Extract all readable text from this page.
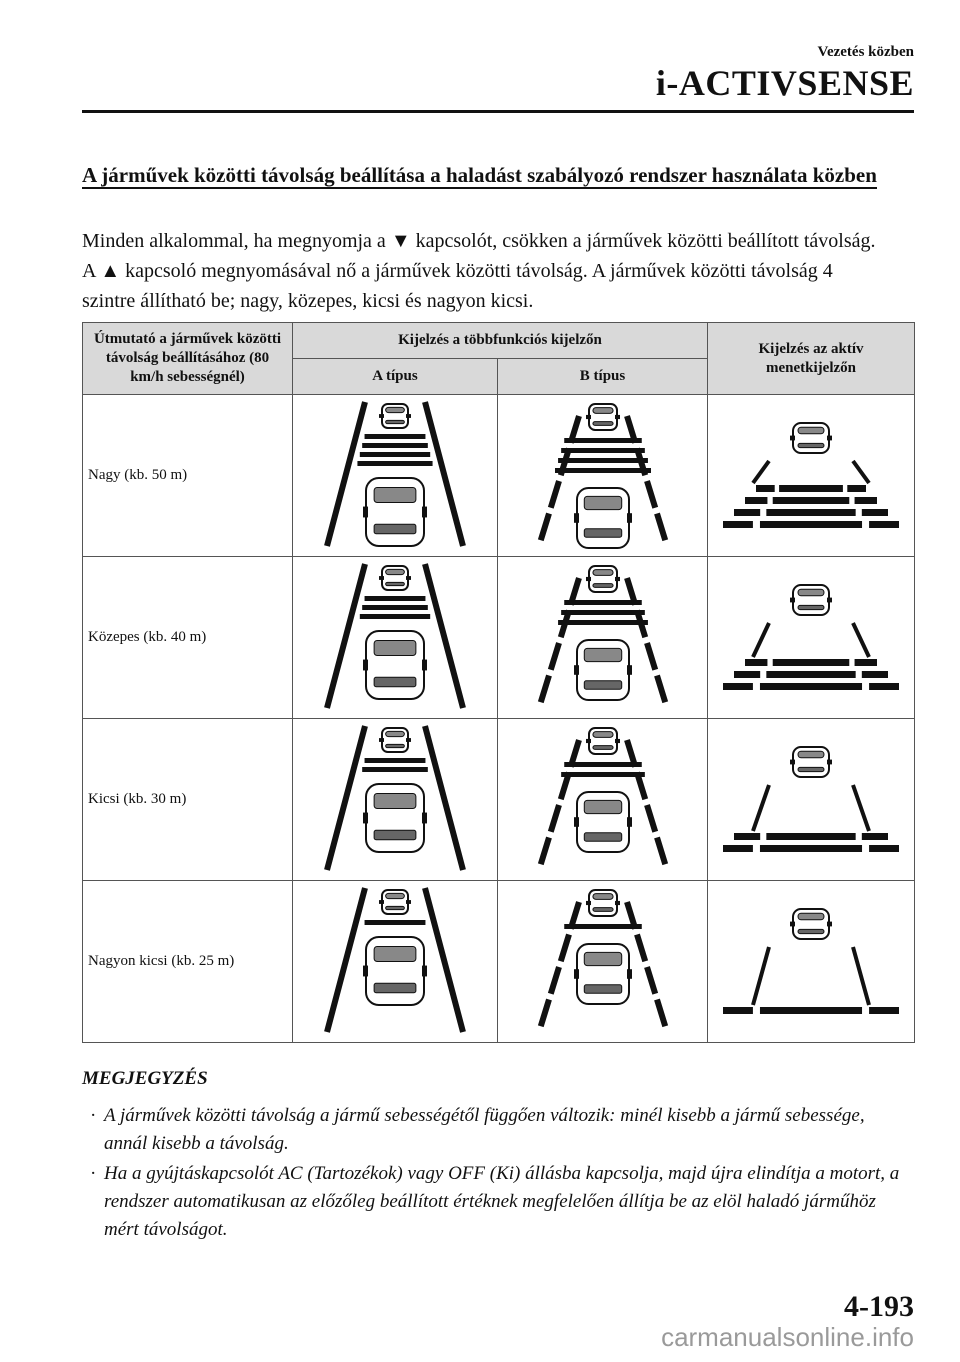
Vezetés közben
i-ACTIVSENSE
A járművek közötti távolság beállítása a haladást szabályozó rendszer használata közben

Minden alkalommal, ha megnyomja a ▼ kapcsolót, csökken a járművek közötti beállított távolság. A ▲ kapcsoló megnyomásával nő a járművek közötti távolság. A járművek közötti távolság 4 szintre állítható be; nagy, közepes, kicsi és nagyon kicsi.

Útmutató a járművek közötti távolság beállításához (80 km/h sebességnél)	Kijelzés a többfunkciós kijelzőn		Kijelzés az aktív menetkijelzőn
	A típus	B típus	
Nagy (kb. 50 m)	

Közepes (kb. 40 m)	

Kicsi (kb. 30 m)	

Nagyon kicsi (kb. 25 m)	

MEGJEGYZÉS
· A járművek közötti távolság a jármű sebességétől függően változik: minél kisebb a jármű sebessége, annál kisebb a távolság.
· Ha a gyújtáskapcsolót AC (Tartozékok) vagy OFF (Ki) állásba kapcsolja, majd újra elindítja a motort, a rendszer automatikusan az előzőleg beállított értéknek megfelelően állítja be az elöl haladó járműhöz mért távolságot.
4-193
carmanualsonline.info
